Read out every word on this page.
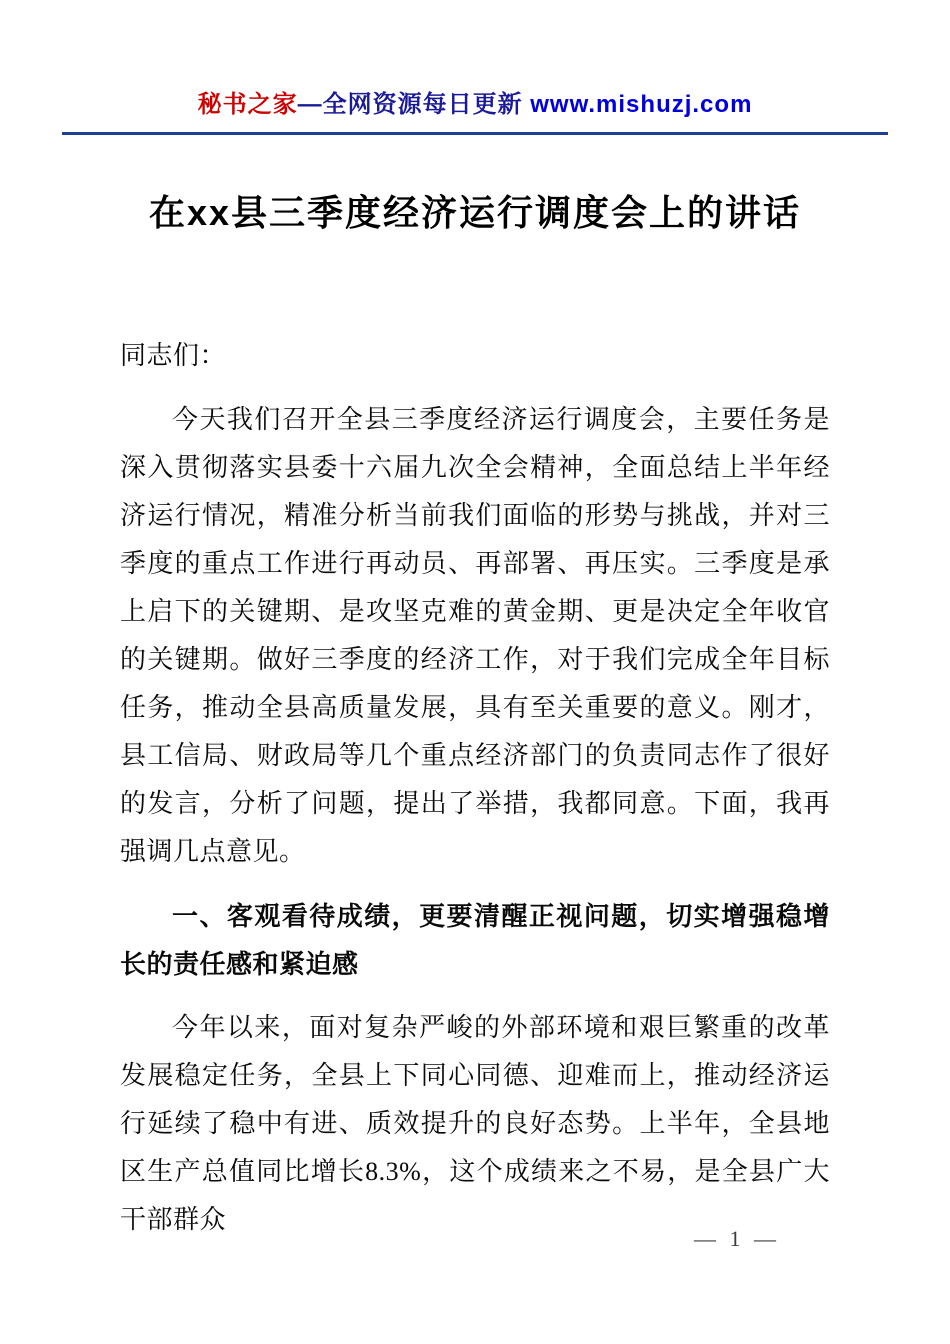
秘书之家—全网资源每日更新 www.mishuzj.com
在xx县三季度经济运行调度会上的讲话

同志们：

今天我们召开全县三季度经济运行调度会，主要任务是深入贯彻落实县委十六届九次全会精神，全面总结上半年经济运行情况，精准分析当前我们面临的形势与挑战，并对三季度的重点工作进行再动员、再部署、再压实。三季度是承上启下的关键期、是攻坚克难的黄金期、更是决定全年收官的关键期。做好三季度的经济工作，对于我们完成全年目标任务，推动全县高质量发展，具有至关重要的意义。刚才，县工信局、财政局等几个重点经济部门的负责同志作了很好的发言，分析了问题，提出了举措，我都同意。下面，我再强调几点意见。

一、客观看待成绩，更要清醒正视问题，切实增强稳增长的责任感和紧迫感

今年以来，面对复杂严峻的外部环境和艰巨繁重的改革发展稳定任务，全县上下同心同德、迎难而上，推动经济运行延续了稳中有进、质效提升的良好态势。上半年，全县地区生产总值同比增长8.3%，这个成绩来之不易，是全县广大干部群众

— 1 —
